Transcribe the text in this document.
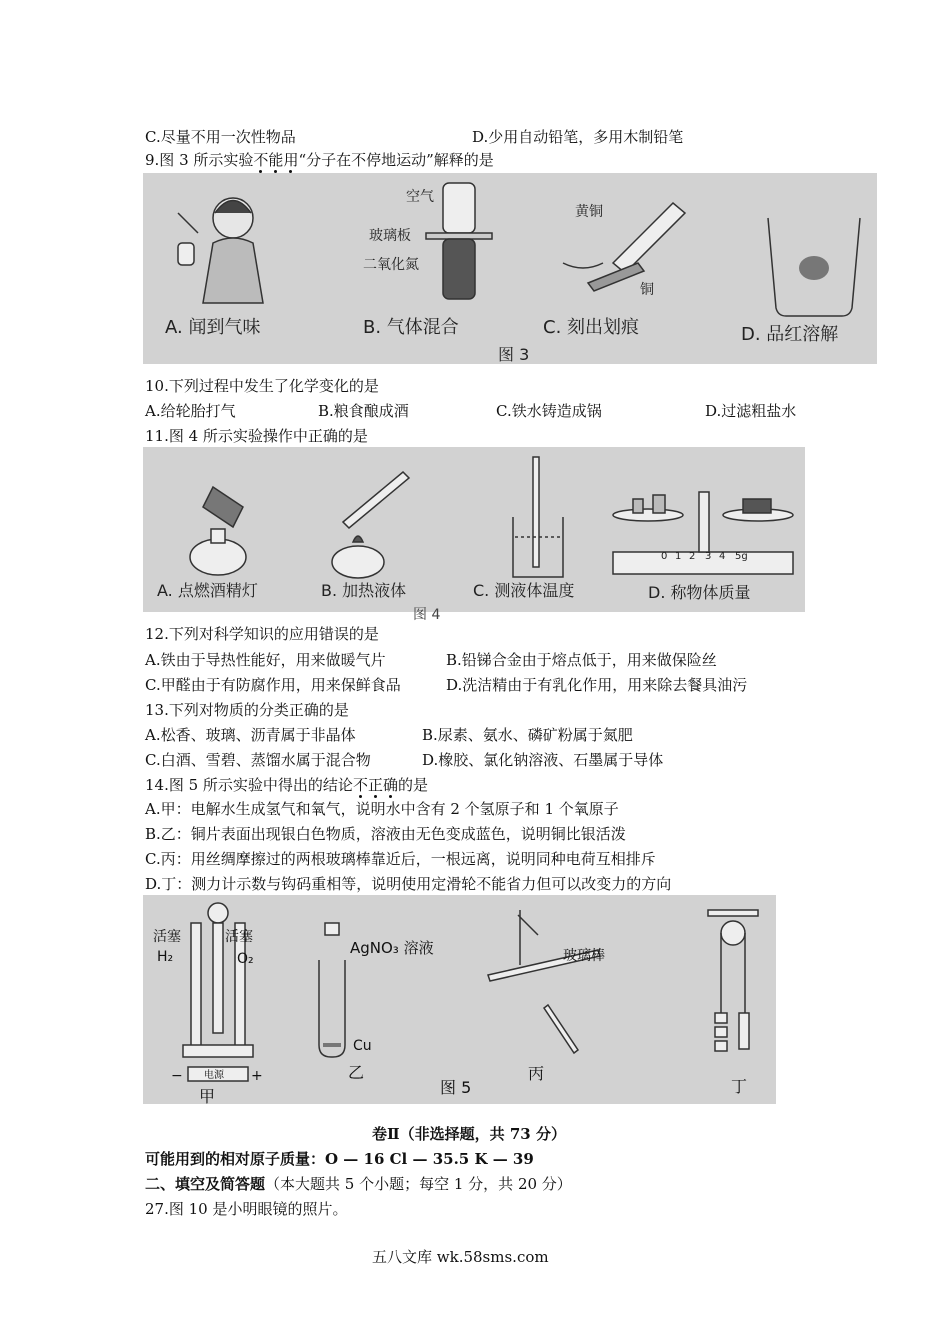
C.尽量不用一次性物品	D.少用自动铅笔，多用木制铅笔
9.图 3 所示实验不能用“分子在不停地运动”解释的是
空气
玻璃板
二氧化氮
黄铜
铜
A. 闻到气味	B. 气体混合	C. 刻出划痕	D. 品红溶解
图 3
10.下列过程中发生了化学变化的是
A.给轮胎打气	B.粮食酿成酒	C.铁水铸造成锅	D.过滤粗盐水
11.图 4 所示实验操作中正确的是
0 1 2 3 4 5g
A. 点燃酒精灯	B. 加热液体	C. 测液体温度	D. 称物体质量
图 4
12.下列对科学知识的应用错误的是
A.铁由于导热性能好，用来做暖气片	B.铅锑合金由于熔点低于，用来做保险丝
C.甲醛由于有防腐作用，用来保鲜食品	D.洗洁精由于有乳化作用，用来除去餐具油污
13.下列对物质的分类正确的是
A.松香、玻璃、沥青属于非晶体	B.尿素、氨水、磷矿粉属于氮肥
C.白酒、雪碧、蒸馏水属于混合物	D.橡胶、氯化钠溶液、石墨属于导体
14.图 5 所示实验中得出的结论不正确的是
A.甲：电解水生成氢气和氧气，说明水中含有 2 个氢原子和 1 个氧原子
B.乙：铜片表面出现银白色物质，溶液由无色变成蓝色，说明铜比银活泼
C.丙：用丝绸摩擦过的两根玻璃棒靠近后，一根远离，说明同种电荷互相排斥
D.丁：测力计示数与钩码重相等，说明使用定滑轮不能省力但可以改变力的方向
活塞	活塞
H₂	O₂
电源
−	+
甲
AgNO₃ 溶液
Cu
乙
玻璃棒
丙
丁
图 5
卷Ⅱ（非选择题，共 73 分）
可能用到的相对原子质量：O — 16 Cl — 35.5 K — 39
二、填空及简答题（本大题共 5 个小题；每空 1 分，共 20 分）
27.图 10 是小明眼镜的照片。
五八文库 wk.58sms.com
